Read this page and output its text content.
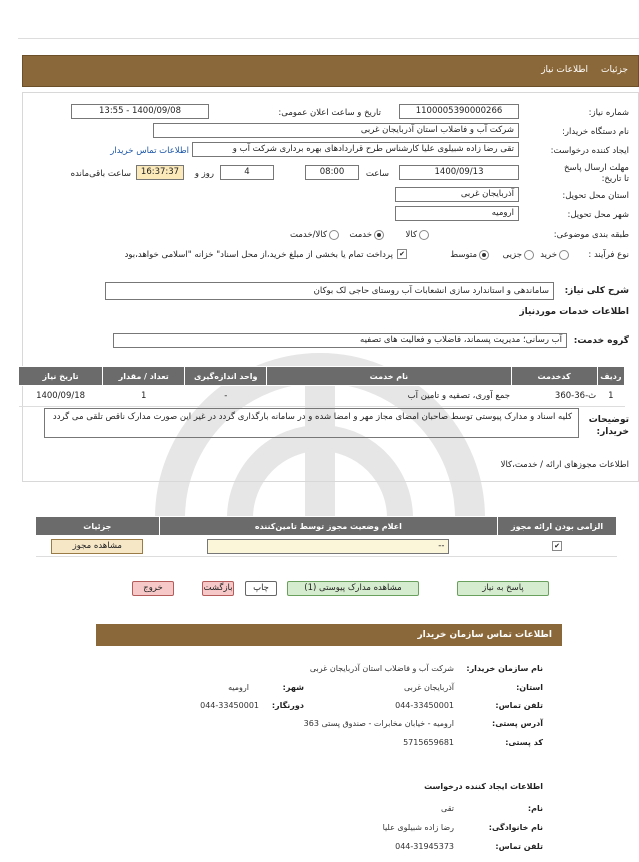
جزئیات
اطلاعات نیاز
شماره نیاز:
1100005390000266
تاریخ و ساعت اعلان عمومی:
1400/09/08 - 13:55
نام دستگاه خریدار:
شرکت آب و فاضلاب استان آذربایجان غربی
ایجاد کننده درخواست:
تقی رضا زاده شبیلوی علیا کارشناس طرح قراردادهای بهره برداری شرکت آب و
اطلاعات تماس خریدار
مهلت ارسال پاسخ تا تاریخ:
1400/09/13
ساعت
08:00
4
روز و
16:37:37
ساعت باقی‌مانده
استان محل تحویل:
آذربایجان غربی
شهر محل تحویل:
ارومیه
طبقه بندی موضوعی:
کالا
خدمت
کالا/خدمت
نوع فرآیند :
خرید
جزیی
متوسط
✔
پرداخت تمام یا بخشی از مبلغ خرید،از محل اسناد" خزانه "اسلامی خواهد،بود
شرح کلی نیاز:
ساماندهی و استاندارد سازی انشعابات آب روستای حاجی لک بوکان
اطلاعات خدمات موردنیاز
گروه خدمت:
آب رسانی؛ مدیریت پسماند، فاضلاب و فعالیت های تصفیه
ردیف	کدخدمت	نام خدمت	واحد اندازه‌گیری	تعداد / مقدار	تاریخ نیاز
1	ث-36-360	جمع آوری، تصفیه و تامین آب	-	1	1400/09/18
توضیحات خریدار:
کلیه اسناد و مدارک پیوستی توسط صاحبان امضای مجاز مهر و امضا شده و در سامانه بارگذاری گردد در غیر این صورت مدارک ناقص تلقی می گردد
اطلاعات مجوزهای ارائه / خدمت،کالا
الزامی بودن ارائه مجوز	اعلام وضعیت مجوز توسط تامین‌کننده	جزئیات
✔	--	مشاهده مجوز
پاسخ به نیاز
مشاهده مدارک پیوستی (1)
چاپ
بازگشت
خروج
اطلاعات تماس سازمان خریدار
نام سازمان خریدار:
شرکت آب و فاضلاب استان آذربایجان غربی
استان:
آذربایجان غربی
شهر:
ارومیه
تلفن تماس:
044-33450001
دورنگار:
044-33450001
آدرس پستی:
ارومیه - خیابان مخابرات - صندوق پستی 363
کد پستی:
5715659681
اطلاعات ایجاد کننده درخواست
نام:
تقی
نام خانوادگی:
رضا زاده شبیلوی علیا
تلفن تماس:
044-31945373
